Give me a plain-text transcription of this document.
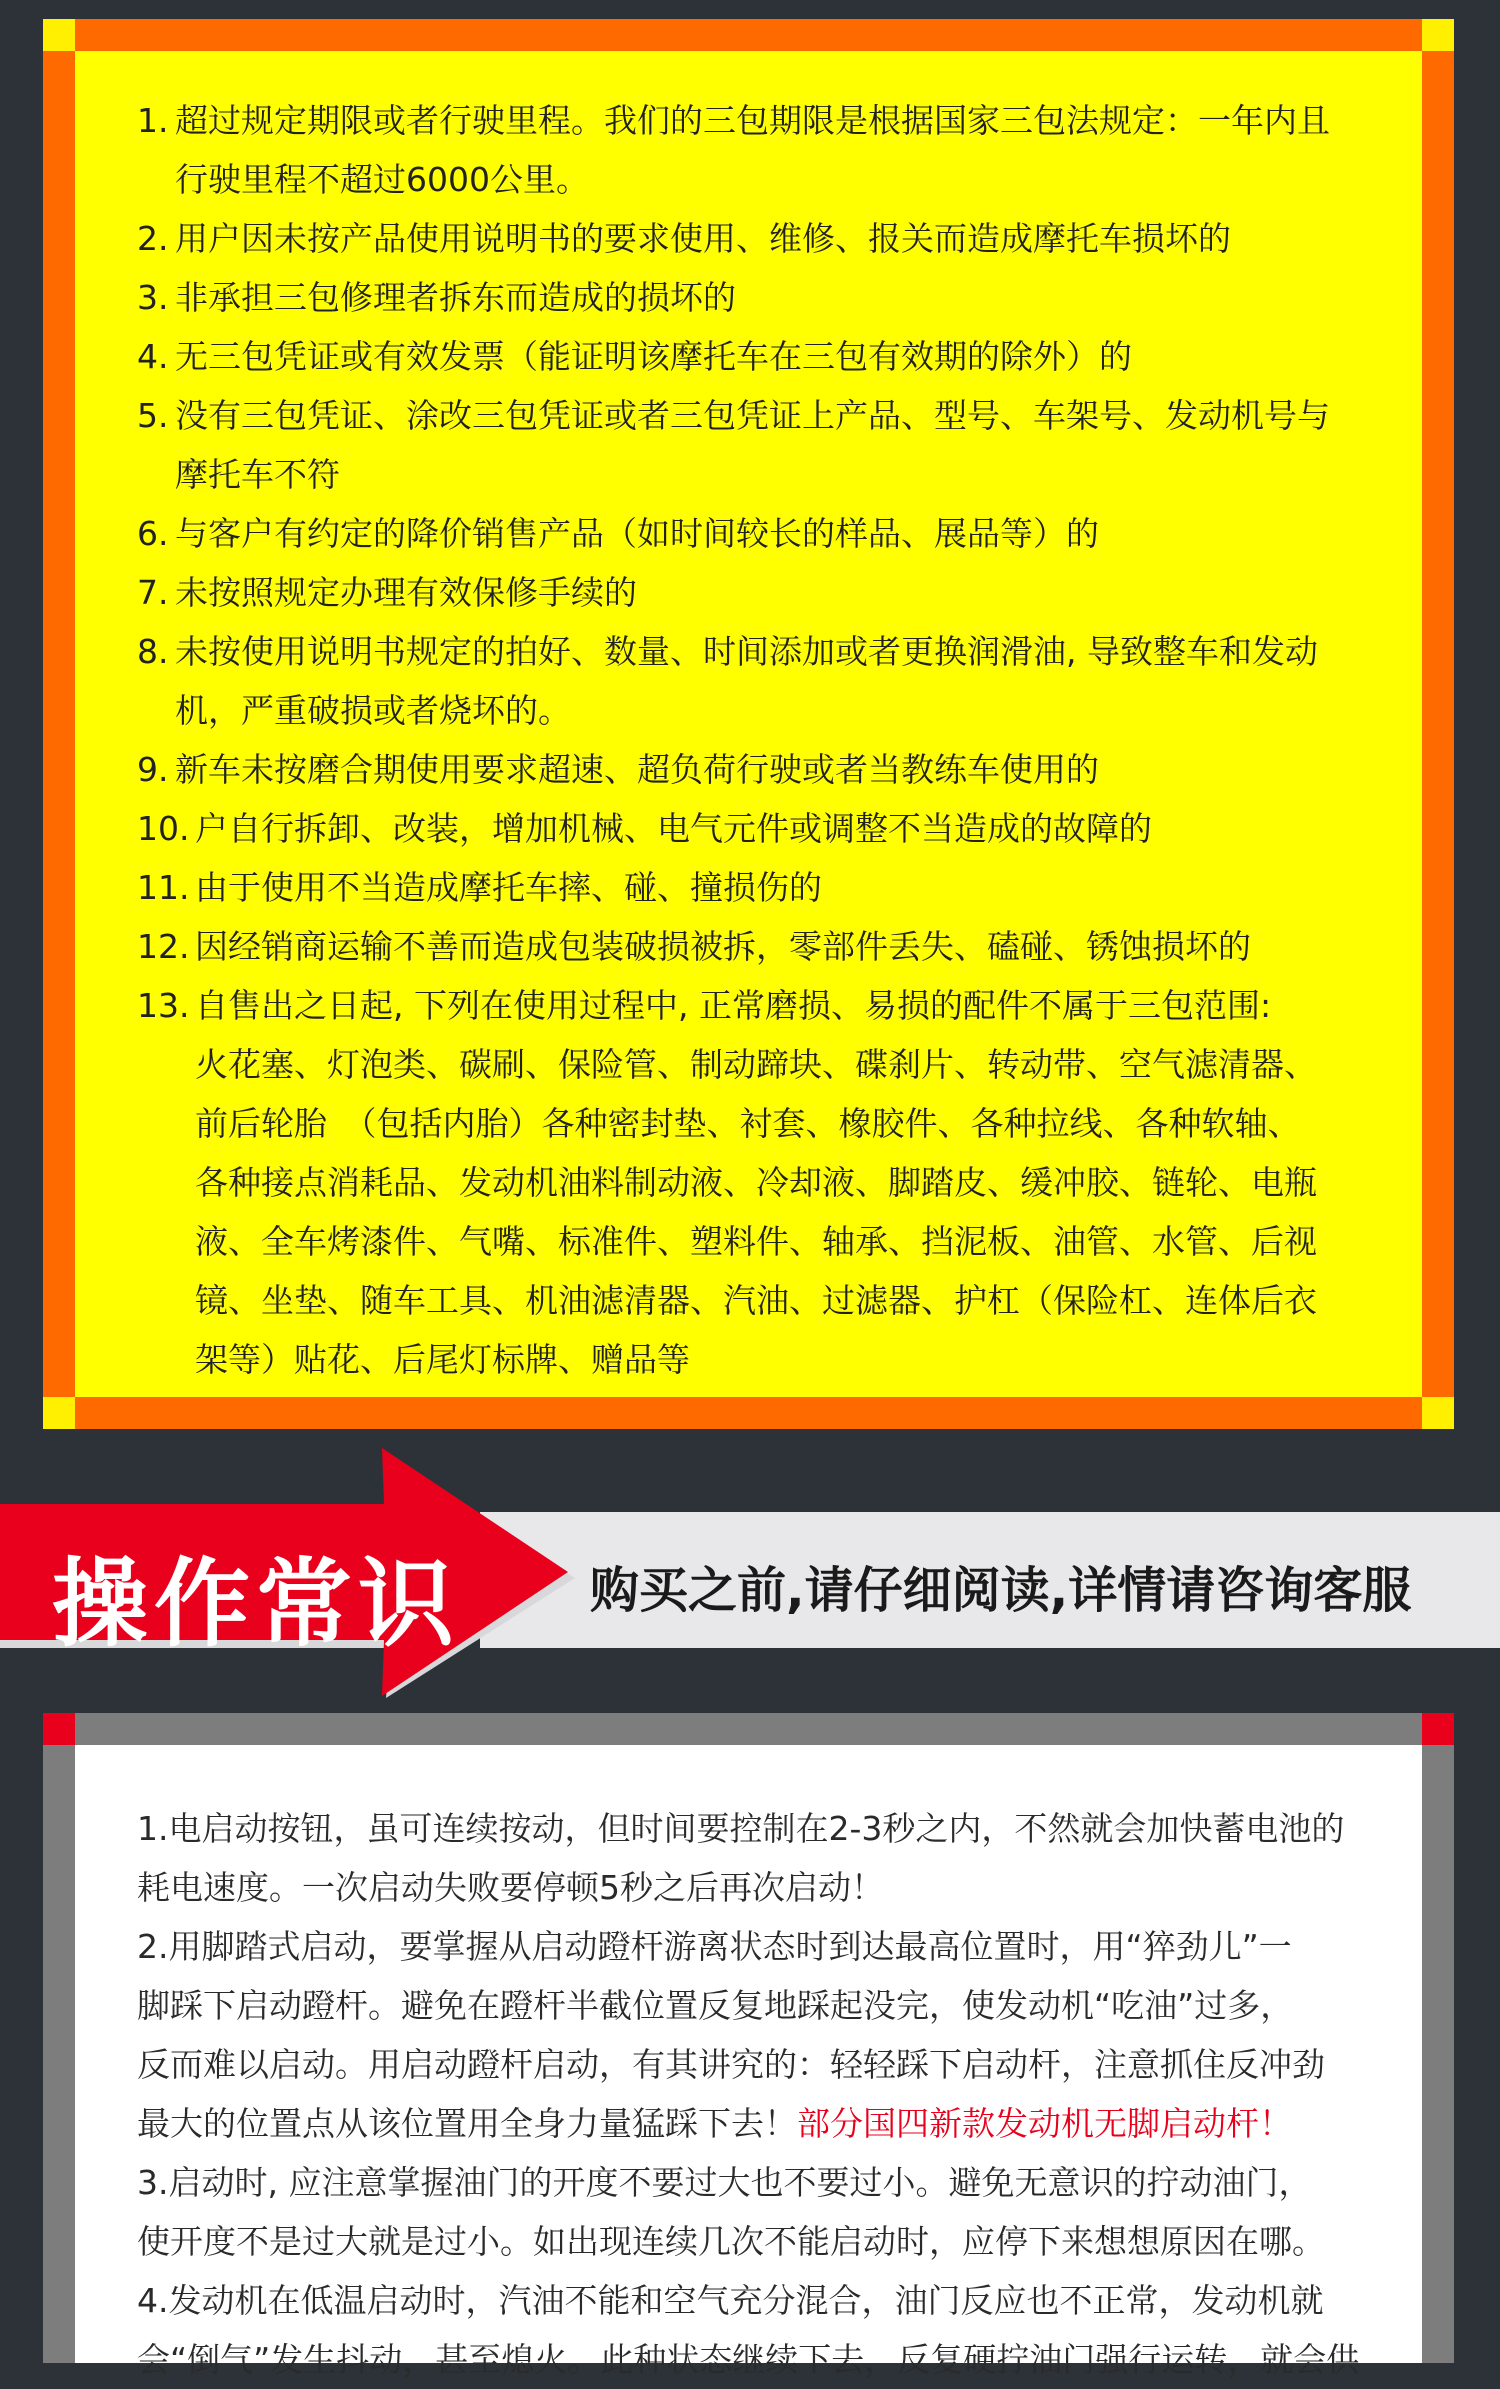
1. 超过规定期限或者行驶里程。我们的三包期限是根据国家三包法规定：一年内且
行驶里程不超过6000公里。
2. 用户因未按产品使用说明书的要求使用、维修、报关而造成摩托车损坏的
3. 非承担三包修理者拆东而造成的损坏的
4. 无三包凭证或有效发票（能证明该摩托车在三包有效期的除外）的
5. 没有三包凭证、涂改三包凭证或者三包凭证上产品、型号、车架号、发动机号与
摩托车不符
6. 与客户有约定的降价销售产品（如时间较长的样品、展品等）的
7. 未按照规定办理有效保修手续的
8. 未按使用说明书规定的拍好、数量、时间添加或者更换润滑油, 导致整车和发动
机，严重破损或者烧坏的。
9. 新车未按磨合期使用要求超速、超负荷行驶或者当教练车使用的
10. 户自行拆卸、改装，增加机械、电气元件或调整不当造成的故障的
11. 由于使用不当造成摩托车摔、碰、撞损伤的
12. 因经销商运输不善而造成包装破损被拆，零部件丢失、磕碰、锈蚀损坏的
13. 自售出之日起, 下列在使用过程中, 正常磨损、易损的配件不属于三包范围:
火花塞、灯泡类、碳刷、保险管、制动蹄块、碟刹片、转动带、空气滤清器、
前后轮胎　（包括内胎）各种密封垫、衬套、橡胶件、各种拉线、各种软轴、
各种接点消耗品、发动机油料制动液、冷却液、脚踏皮、缓冲胶、链轮、电瓶
液、全车烤漆件、气嘴、标准件、塑料件、轴承、挡泥板、油管、水管、后视
镜、坐垫、随车工具、机油滤清器、汽油、过滤器、护杠（保险杠、连体后衣
架等）贴花、后尾灯标牌、赠品等
操作常识	购买之前,请仔细阅读,详情请咨询客服
1.电启动按钮，虽可连续按动，但时间要控制在2-3秒之内，不然就会加快蓄电池的
耗电速度。一次启动失败要停顿5秒之后再次启动！
2.用脚踏式启动，要掌握从启动蹬杆游离状态时到达最高位置时，用“猝劲儿”一
脚踩下启动蹬杆。避免在蹬杆半截位置反复地踩起没完，使发动机“吃油”过多，
反而难以启动。用启动蹬杆启动，有其讲究的：轻轻踩下启动杆，注意抓住反冲劲
最大的位置点从该位置用全身力量猛踩下去！部分国四新款发动机无脚启动杆！
3.启动时, 应注意掌握油门的开度不要过大也不要过小。避免无意识的拧动油门，
使开度不是过大就是过小。如出现连续几次不能启动时，应停下来想想原因在哪。
4.发动机在低温启动时，汽油不能和空气充分混合，油门反应也不正常，发动机就
会“倒气”发生抖动，甚至熄火。此种状态继续下去，反复硬拧油门强行运转，就会供
